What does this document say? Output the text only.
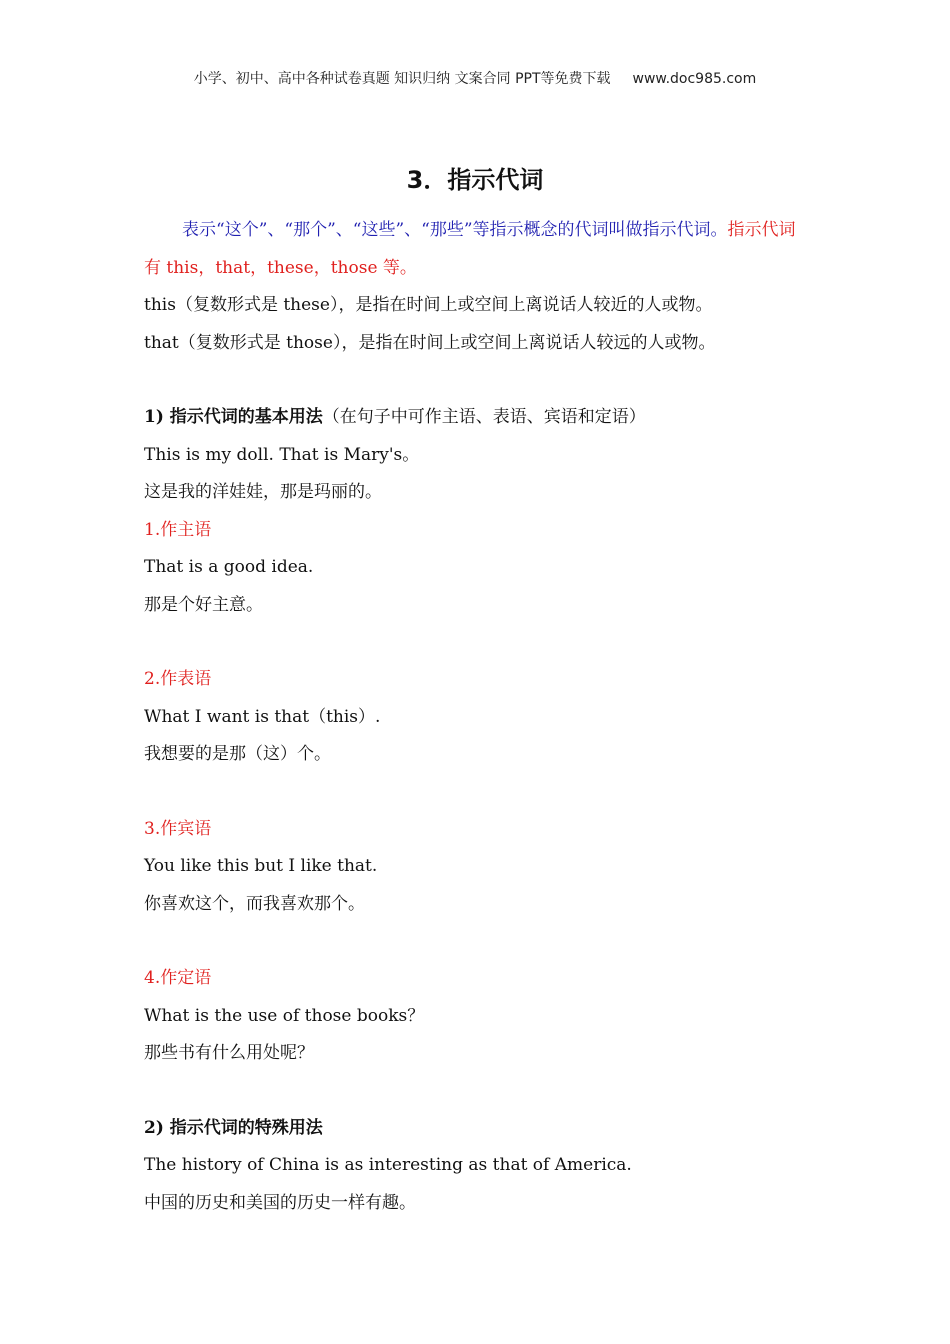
小学、初中、高中各种试卷真题 知识归纳 文案合同 PPT等免费下载 www.doc985.com
3．指示代词

表示“这个”、“那个”、“这些”、“那些”等指示概念的代词叫做指示代词。指示代词有 this，that，these，those 等。

this（复数形式是 these），是指在时间上或空间上离说话人较近的人或物。

that（复数形式是 those），是指在时间上或空间上离说话人较远的人或物。

1) 指示代词的基本用法（在句子中可作主语、表语、宾语和定语）

This is my doll. That is Mary's。

这是我的洋娃娃，那是玛丽的。

1.作主语

That is a good idea.

那是个好主意。

2.作表语

What I want is that（this）.

我想要的是那（这）个。

3.作宾语

You like this but I like that.

你喜欢这个，而我喜欢那个。

4.作定语

What is the use of those books？

那些书有什么用处呢？

2) 指示代词的特殊用法

The history of China is as interesting as that of America.

中国的历史和美国的历史一样有趣。
